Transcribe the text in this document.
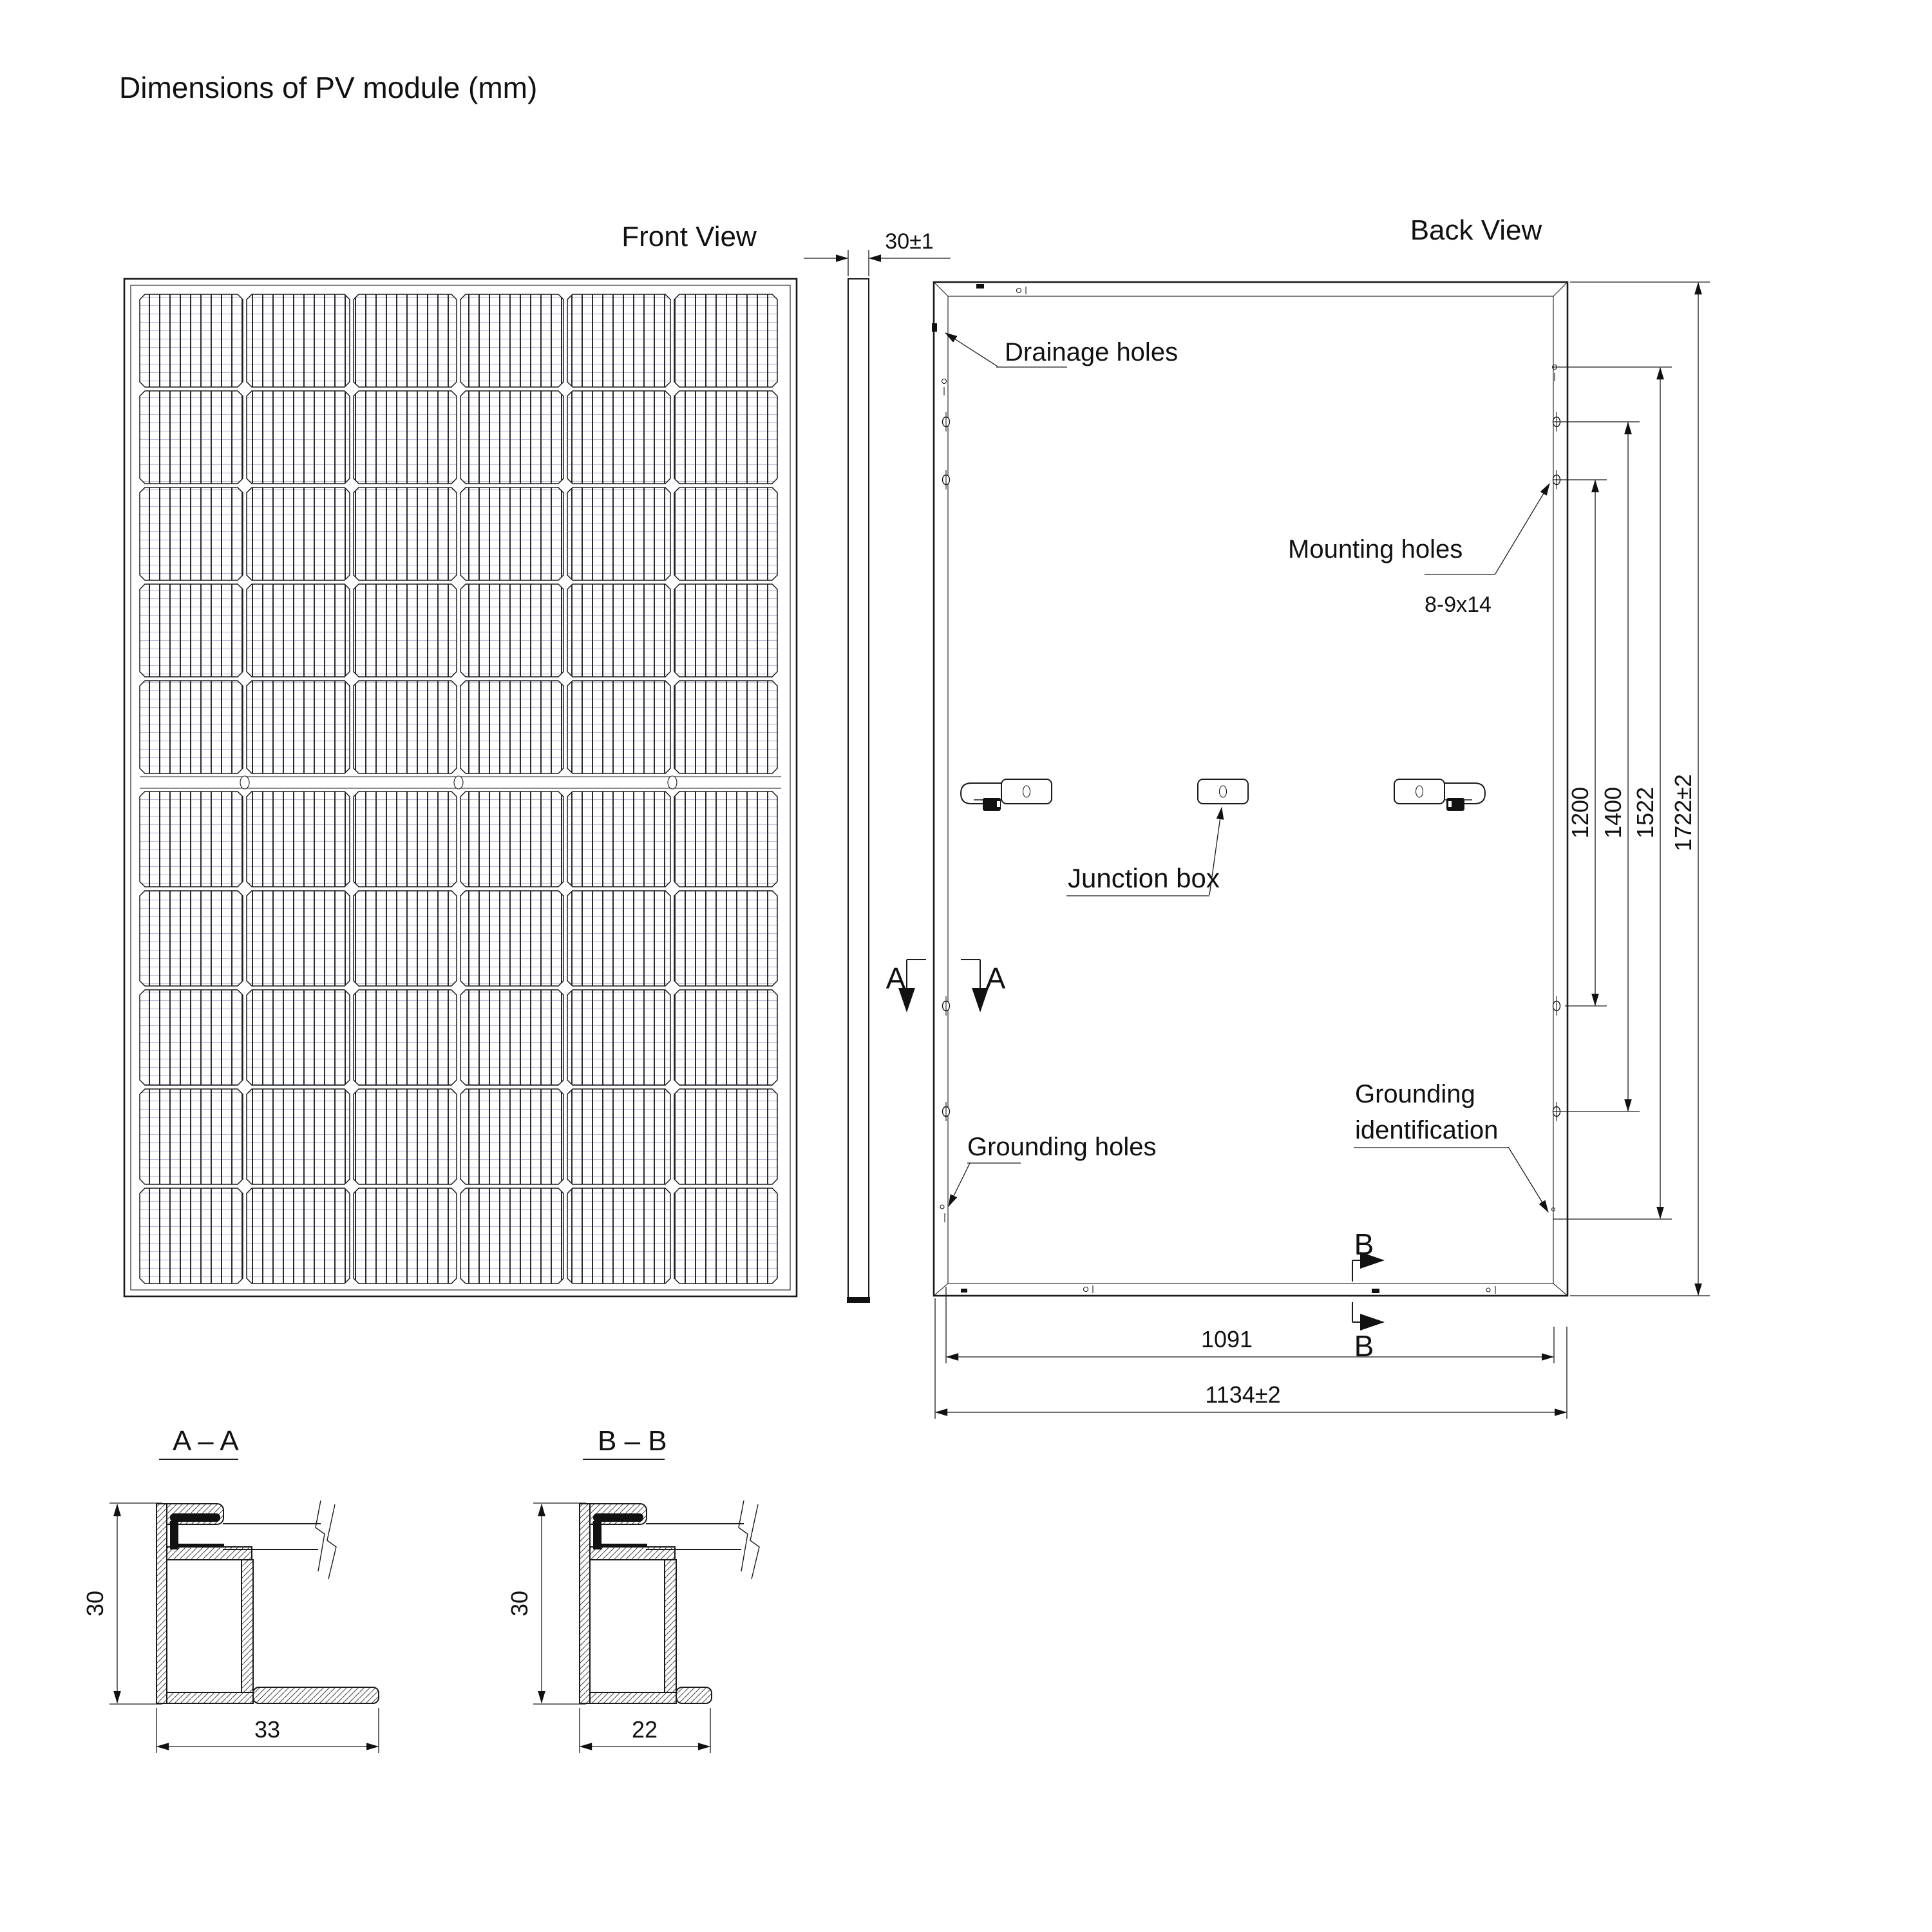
Dimensions of PV module (mm)
Front View	Back View
30±1
Drainage holes
Mounting holes
8-9x14
Junction box
Grounding holes
Grounding
identification
A	A
B
B
1200 1400 1522 1722±2
1091
1134±2
A – A
30
33
B – B
30
22
